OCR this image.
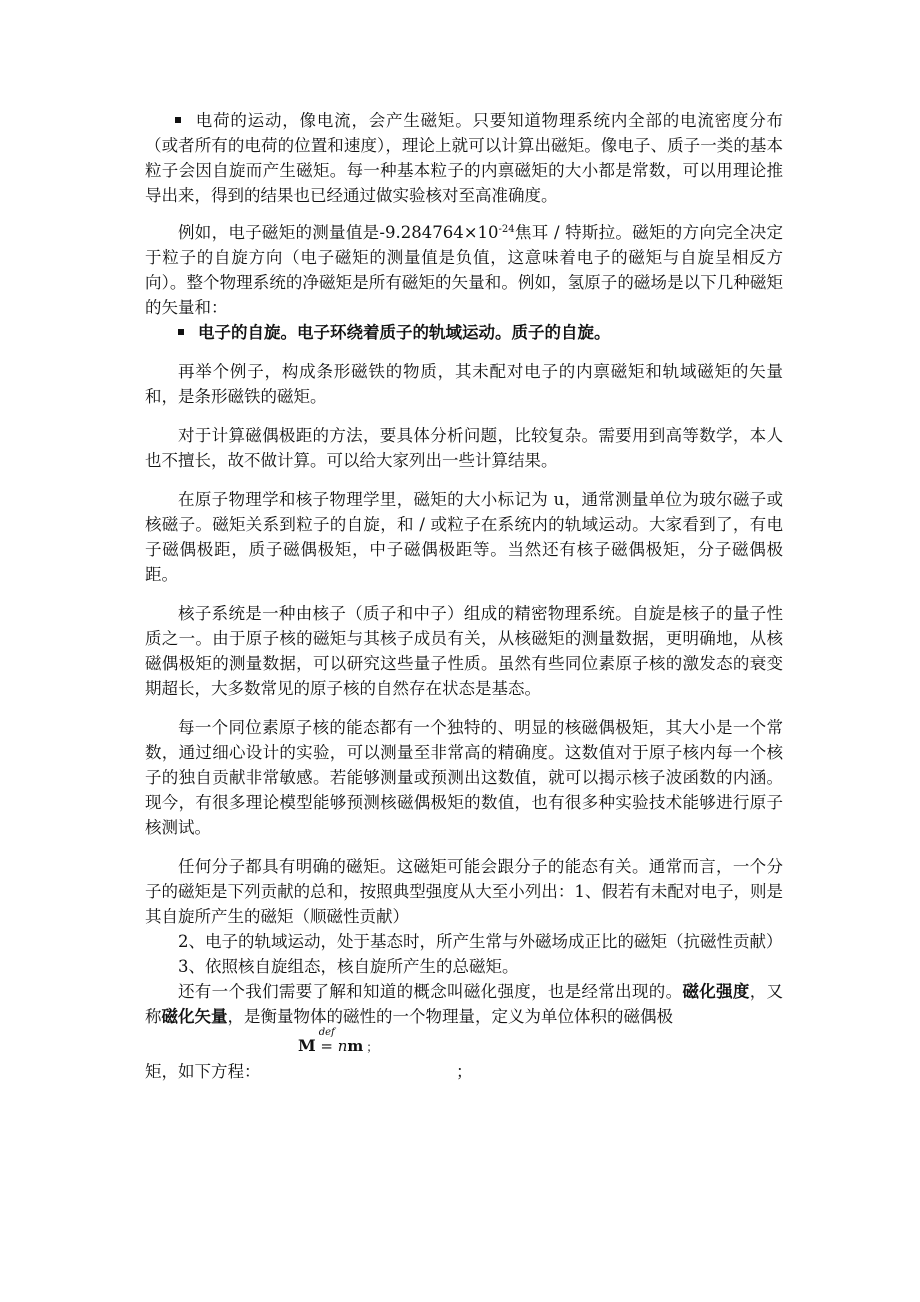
电荷的运动，像电流，会产生磁矩。只要知道物理系统内全部的电流密度分布（或者所有的电荷的位置和速度），理论上就可以计算出磁矩。像电子、质子一类的基本粒子会因自旋而产生磁矩。每一种基本粒子的内禀磁矩的大小都是常数，可以用理论推导出来，得到的结果也已经通过做实验核对至高准确度。

例如，电子磁矩的测量值是$-9.284764\times 10^{-24}$焦耳 / 特斯拉。磁矩的方向完全决定于粒子的自旋方向（电子磁矩的测量值是负值，这意味着电子的磁矩与自旋呈相反方向）。整个物理系统的净磁矩是所有磁矩的矢量和。例如，氢原子的磁场是以下几种磁矩的矢量和：

电子的自旋。电子环绕着质子的轨域运动。质子的自旋。

再举个例子，构成条形磁铁的物质，其未配对电子的内禀磁矩和轨域磁矩的矢量和，是条形磁铁的磁矩。

对于计算磁偶极距的方法，要具体分析问题，比较复杂。需要用到高等数学，本人也不擅长，故不做计算。可以给大家列出一些计算结果。

在原子物理学和核子物理学里，磁矩的大小标记为 u，通常测量单位为玻尔磁子或核磁子。磁矩关系到粒子的自旋，和 / 或粒子在系统内的轨域运动。大家看到了，有电子磁偶极距，质子磁偶极矩，中子磁偶极距等。当然还有核子磁偶极矩，分子磁偶极距。

核子系统是一种由核子（质子和中子）组成的精密物理系统。自旋是核子的量子性质之一。由于原子核的磁矩与其核子成员有关，从核磁矩的测量数据，更明确地，从核磁偶极矩的测量数据，可以研究这些量子性质。虽然有些同位素原子核的激发态的衰变期超长，大多数常见的原子核的自然存在状态是基态。

每一个同位素原子核的能态都有一个独特的、明显的核磁偶极矩，其大小是一个常数，通过细心设计的实验，可以测量至非常高的精确度。这数值对于原子核内每一个核子的独自贡献非常敏感。若能够测量或预测出这数值，就可以揭示核子波函数的内涵。现今，有很多理论模型能够预测核磁偶极矩的数值，也有很多种实验技术能够进行原子核测试。

任何分子都具有明确的磁矩。这磁矩可能会跟分子的能态有关。通常而言，一个分子的磁矩是下列贡献的总和，按照典型强度从大至小列出：1、假若有未配对电子，则是其自旋所产生的磁矩（顺磁性贡献）

2、电子的轨域运动，处于基态时，所产生常与外磁场成正比的磁矩（抗磁性贡献）

3、依照核自旋组态，核自旋所产生的总磁矩。

还有一个我们需要了解和知道的概念叫磁化强度，也是经常出现的。磁化强度，又称磁化矢量，是衡量物体的磁性的一个物理量，定义为单位体积的磁偶极

矩，如下方程：
M
def
= nm ；
；
